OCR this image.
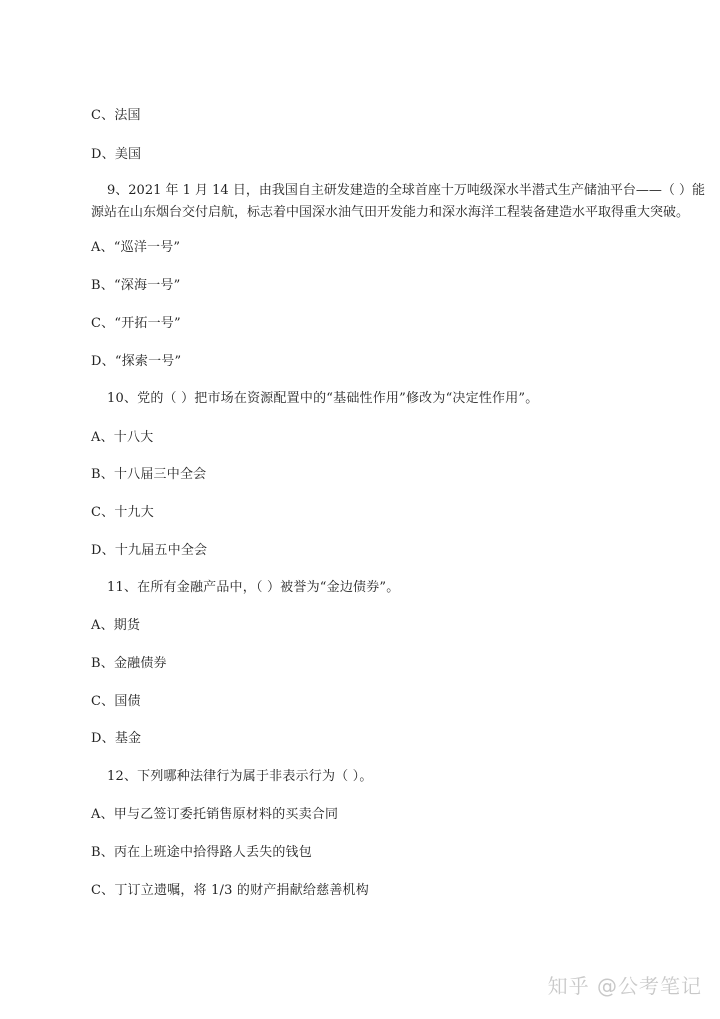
C、法国
D、美国
9、2021 年 1 月 14 日，由我国自主研发建造的全球首座十万吨级深水半潜式生产储油平台——（ ）能
源站在山东烟台交付启航，标志着中国深水油气田开发能力和深水海洋工程装备建造水平取得重大突破。
A、“巡洋一号”
B、“深海一号”
C、“开拓一号”
D、“探索一号”
10、党的（ ）把市场在资源配置中的“基础性作用”修改为“决定性作用”。
A、十八大
B、十八届三中全会
C、十九大
D、十九届五中全会
11、在所有金融产品中，（ ）被誉为“金边债券”。
A、期货
B、金融债券
C、国债
D、基金
12、下列哪种法律行为属于非表示行为（ ）。
A、甲与乙签订委托销售原材料的买卖合同
B、丙在上班途中拾得路人丢失的钱包
C、丁订立遗嘱，将 1/3 的财产捐献给慈善机构
知乎 @公考笔记
